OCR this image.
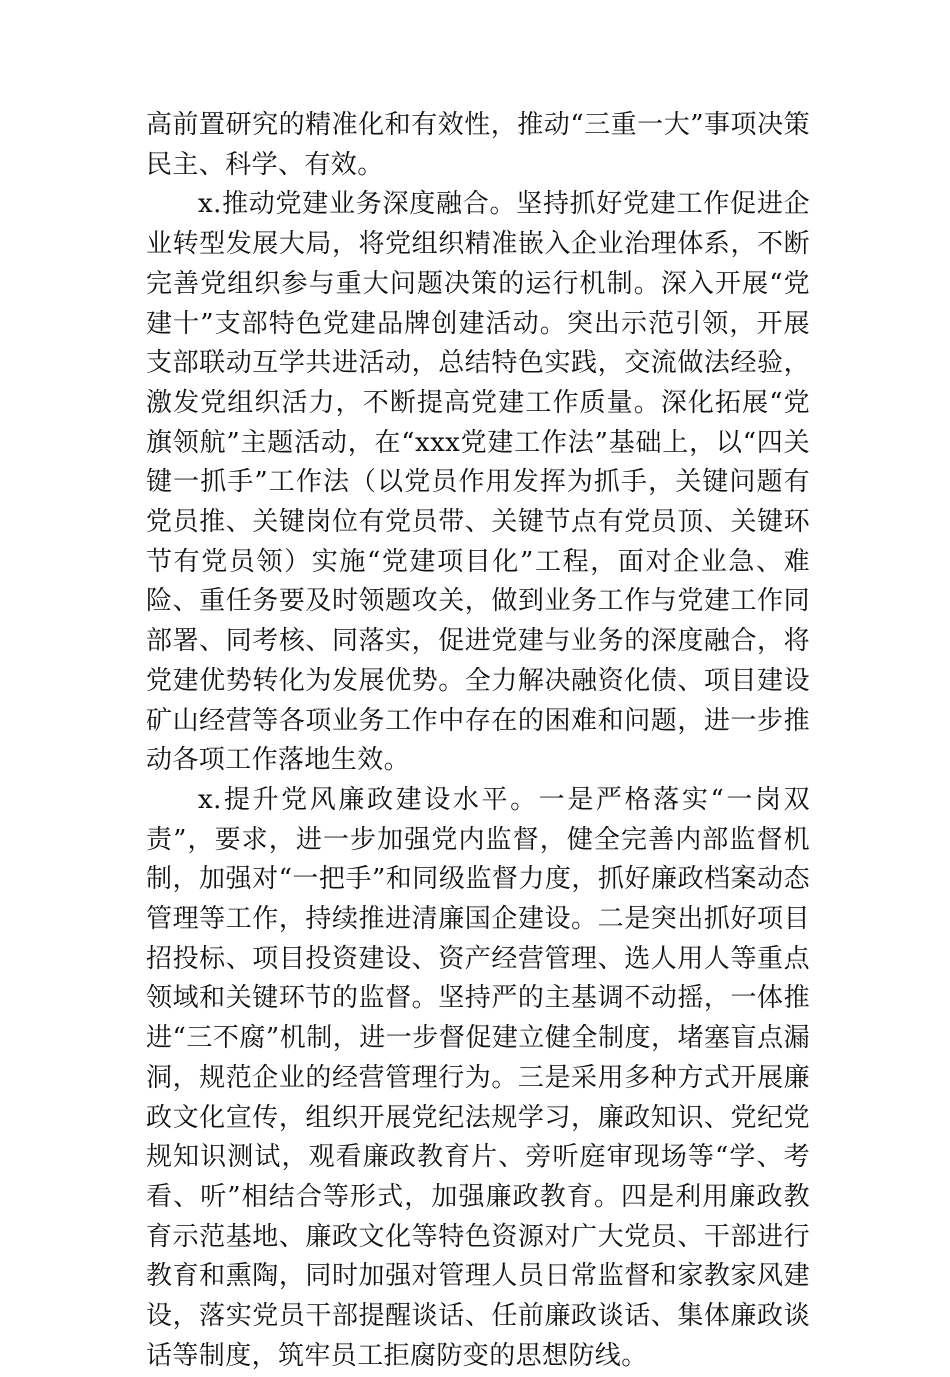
高前置研究的精准化和有效性，推动“三重一大”事项决策民主、科学、有效。

x.推动党建业务深度融合。坚持抓好党建工作促进企业转型发展大局，将党组织精准嵌入企业治理体系，不断完善党组织参与重大问题决策的运行机制。深入开展“党建十”支部特色党建品牌创建活动。突出示范引领，开展支部联动互学共进活动，总结特色实践，交流做法经验，激发党组织活力，不断提高党建工作质量。深化拓展“党旗领航”主题活动，在“xxx党建工作法”基础上，以“四关键一抓手”工作法（以党员作用发挥为抓手，关键问题有党员推、关键岗位有党员带、关键节点有党员顶、关键环节有党员领）实施“党建项目化”工程，面对企业急、难险、重任务要及时领题攻关，做到业务工作与党建工作同部署、同考核、同落实，促进党建与业务的深度融合，将党建优势转化为发展优势。全力解决融资化债、项目建设矿山经营等各项业务工作中存在的困难和问题，进一步推动各项工作落地生效。

x.提升党风廉政建设水平。一是严格落实“一岗双责”，要求，进一步加强党内监督，健全完善内部监督机制，加强对“一把手”和同级监督力度，抓好廉政档案动态管理等工作，持续推进清廉国企建设。二是突出抓好项目招投标、项目投资建设、资产经营管理、选人用人等重点领域和关键环节的监督。坚持严的主基调不动摇，一体推进“三不腐”机制，进一步督促建立健全制度，堵塞盲点漏洞，规范企业的经营管理行为。三是采用多种方式开展廉政文化宣传，组织开展党纪法规学习，廉政知识、党纪党规知识测试，观看廉政教育片、旁听庭审现场等“学、考看、听”相结合等形式，加强廉政教育。四是利用廉政教育示范基地、廉政文化等特色资源对广大党员、干部进行教育和熏陶，同时加强对管理人员日常监督和家教家风建设，落实党员干部提醒谈话、任前廉政谈话、集体廉政谈话等制度，筑牢员工拒腐防变的思想防线。
